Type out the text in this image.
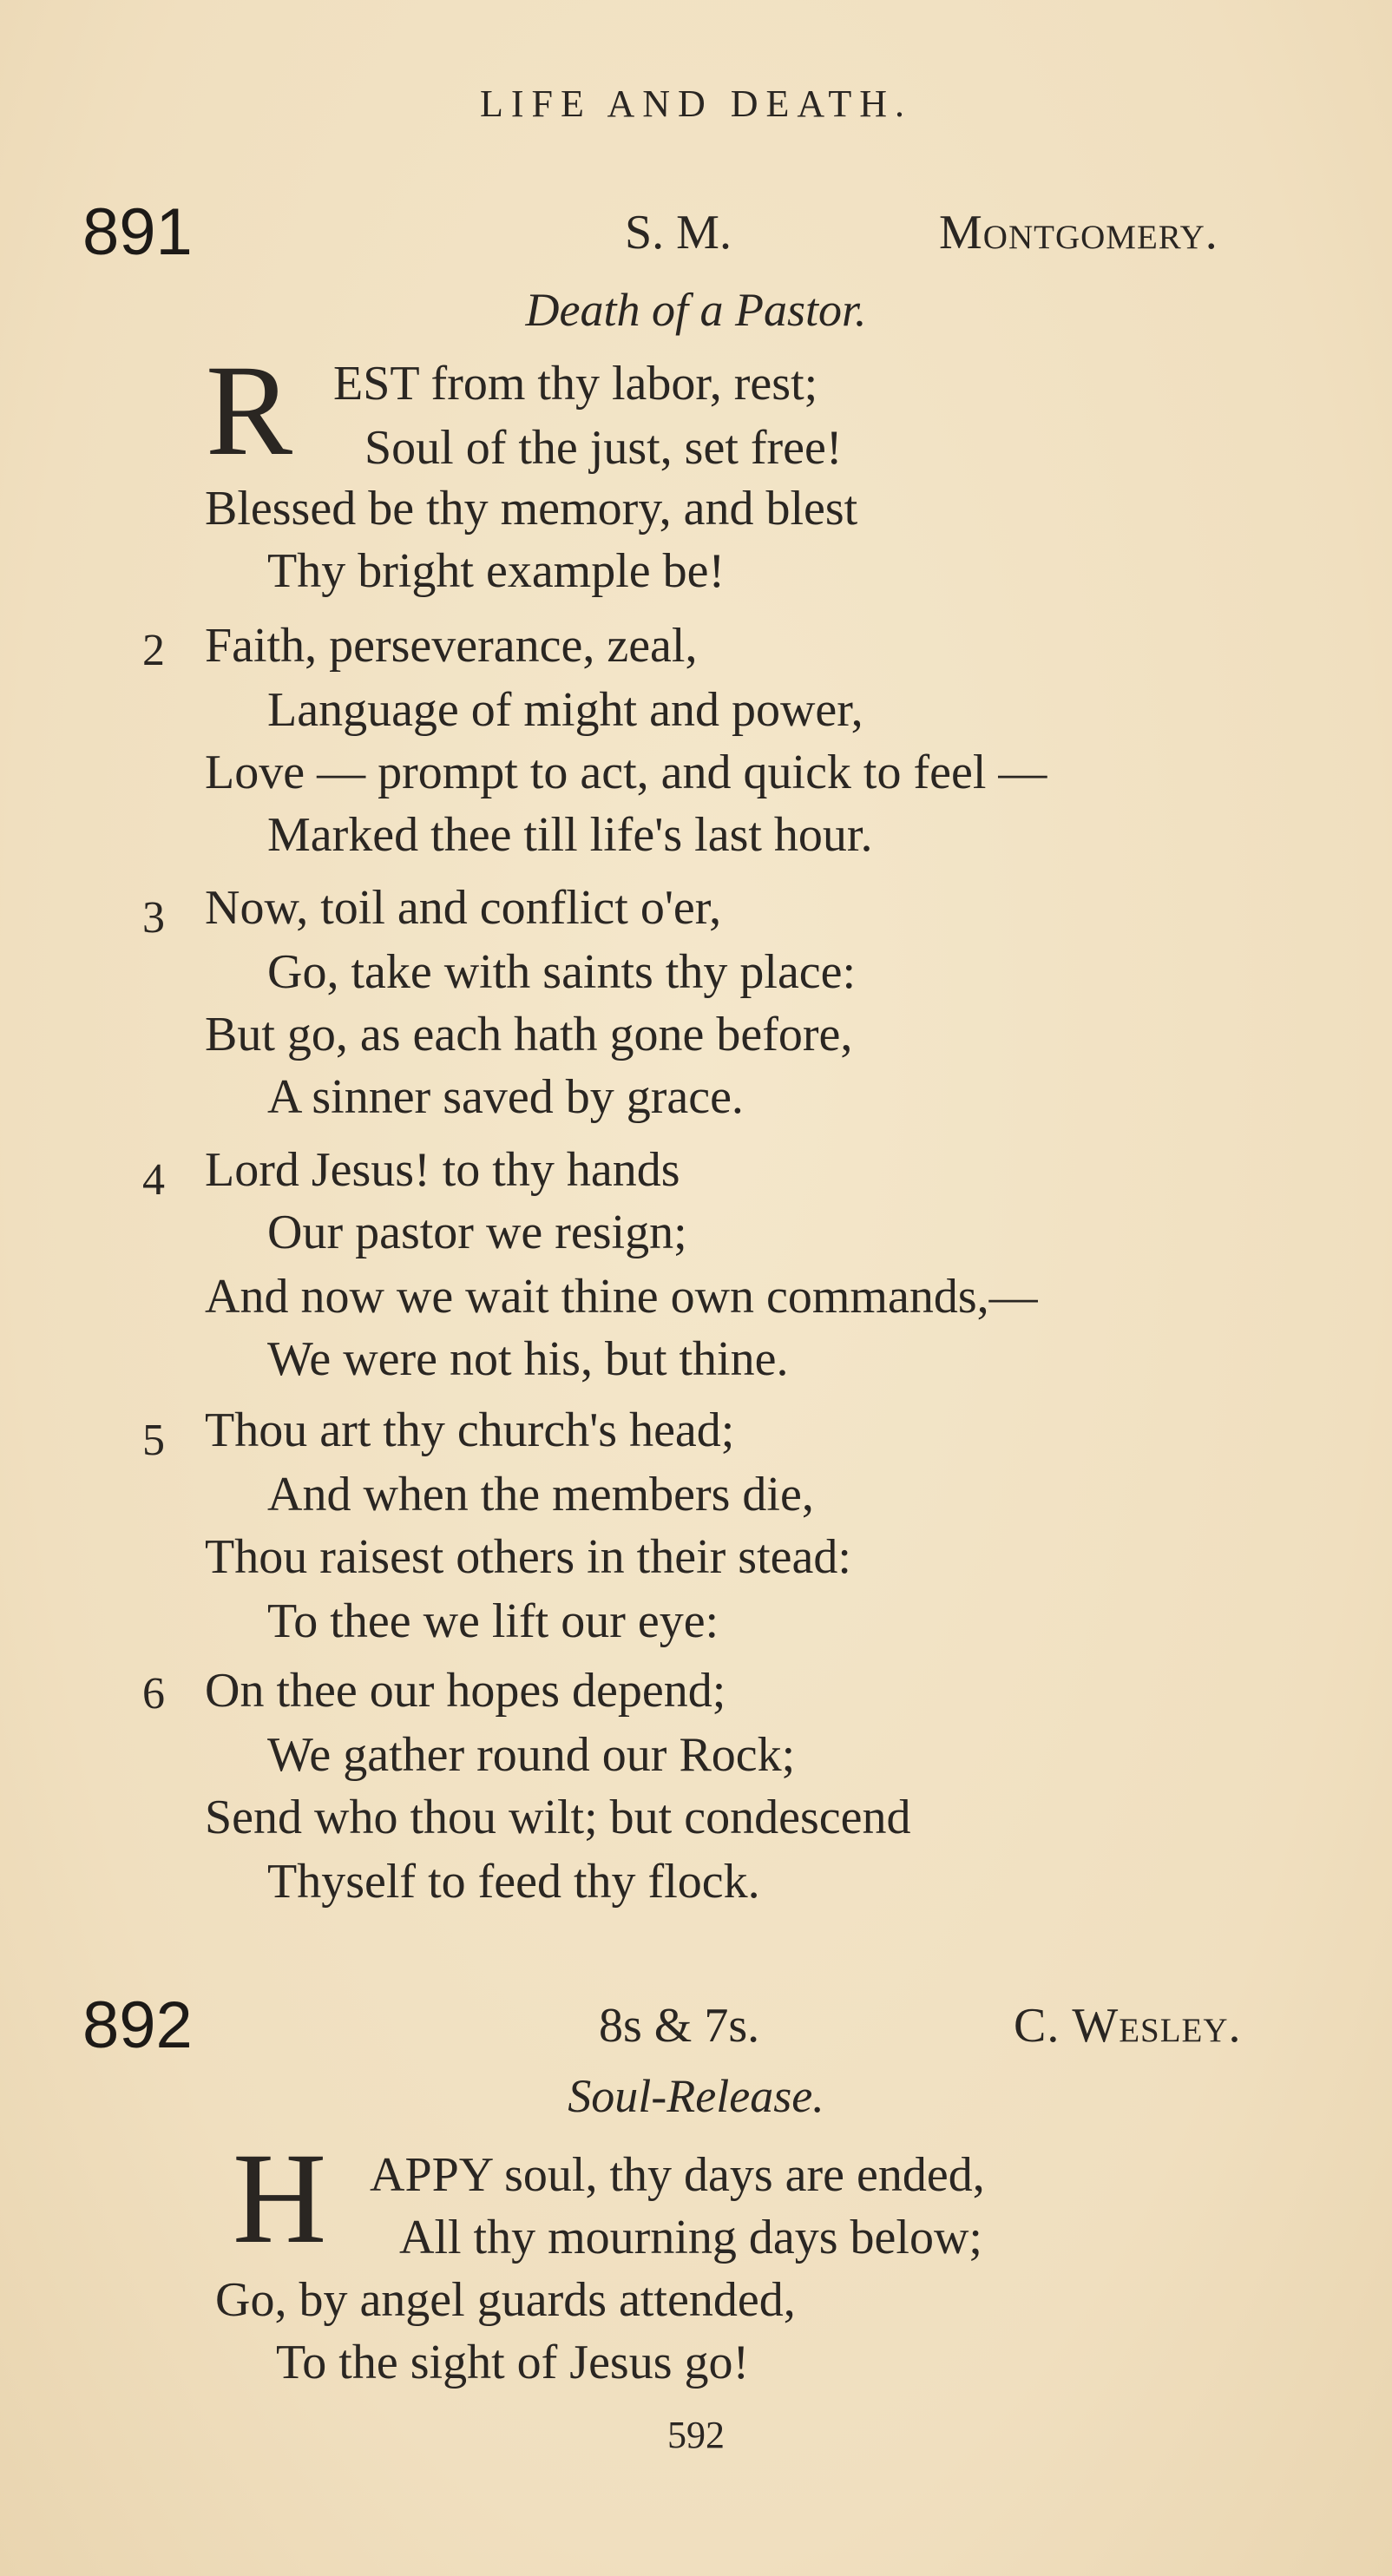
LIFE AND DEATH.
891	S. M.	Montgomery.
Death of a Pastor.
R EST from thy labor, rest;
Soul of the just, set free!
Blessed be thy memory, and blest
Thy bright example be!
2 Faith, perseverance, zeal,
Language of might and power,
Love — prompt to act, and quick to feel —
Marked thee till life's last hour.
3 Now, toil and conflict o'er,
Go, take with saints thy place:
But go, as each hath gone before,
A sinner saved by grace.
4 Lord Jesus! to thy hands
Our pastor we resign;
And now we wait thine own commands,—
We were not his, but thine.
5 Thou art thy church's head;
And when the members die,
Thou raisest others in their stead:
To thee we lift our eye:
6 On thee our hopes depend;
We gather round our Rock;
Send who thou wilt; but condescend
Thyself to feed thy flock.
892	8s & 7s.	C. Wesley.
Soul-Release.
H APPY soul, thy days are ended,
All thy mourning days below;
Go, by angel guards attended,
To the sight of Jesus go!
592
